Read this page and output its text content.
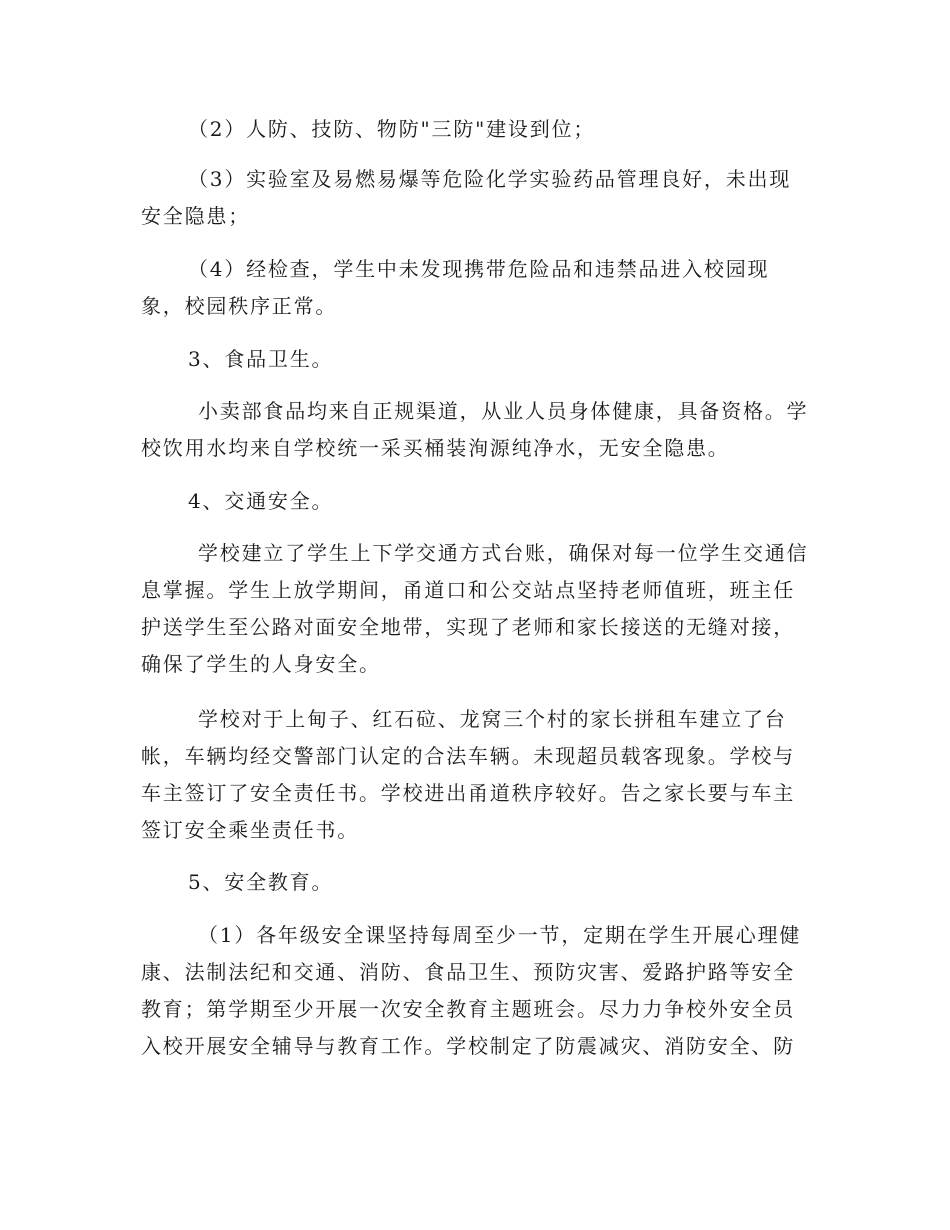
（2）人防、技防、物防"三防"建设到位；
（3）实验室及易燃易爆等危险化学实验药品管理良好，未出现
安全隐患；
（4）经检查，学生中未发现携带危险品和违禁品进入校园现
象，校园秩序正常。
3、食品卫生。
小卖部食品均来自正规渠道，从业人员身体健康，具备资格。学
校饮用水均来自学校统一采买桶装洵源纯净水，无安全隐患。
4、交通安全。
学校建立了学生上下学交通方式台账，确保对每一位学生交通信
息掌握。学生上放学期间，甬道口和公交站点坚持老师值班，班主任
护送学生至公路对面安全地带，实现了老师和家长接送的无缝对接，
确保了学生的人身安全。
学校对于上甸子、红石砬、龙窝三个村的家长拼租车建立了台
帐，车辆均经交警部门认定的合法车辆。未现超员载客现象。学校与
车主签订了安全责任书。学校进出甬道秩序较好。告之家长要与车主
签订安全乘坐责任书。
5、安全教育。
（1）各年级安全课坚持每周至少一节，定期在学生开展心理健
康、法制法纪和交通、消防、食品卫生、预防灾害、爱路护路等安全
教育；第学期至少开展一次安全教育主题班会。尽力力争校外安全员
入校开展安全辅导与教育工作。学校制定了防震减灾、消防安全、防
